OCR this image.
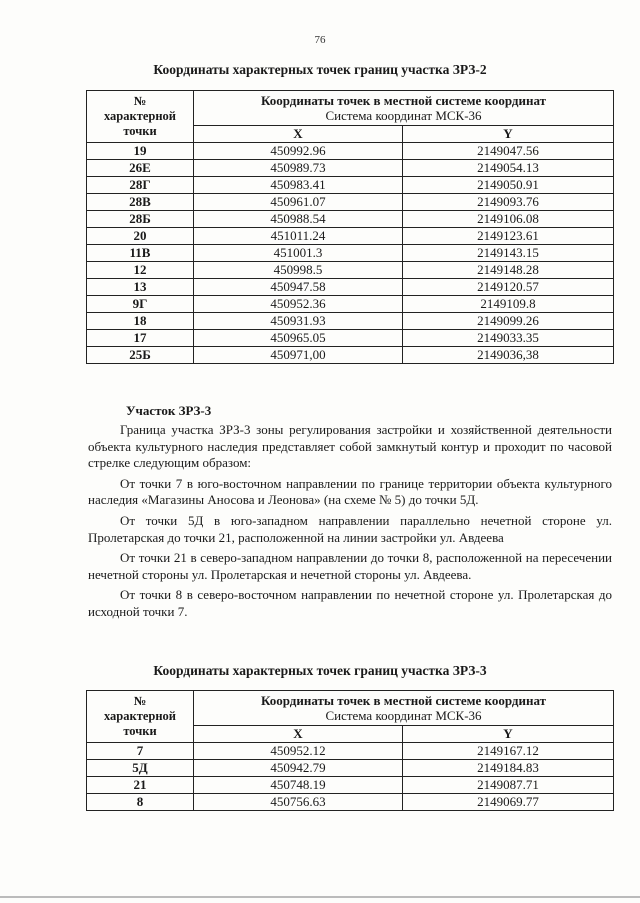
76
Координаты характерных точек границ участка ЗРЗ-2
№
характерной
точки	Координаты точек в местной системе координат
Система координат МСК-36	
	X	Y
19	450992.96	2149047.56
26Е	450989.73	2149054.13
28Г	450983.41	2149050.91
28В	450961.07	2149093.76
28Б	450988.54	2149106.08
20	451011.24	2149123.61
11В	451001.3	2149143.15
12	450998.5	2149148.28
13	450947.58	2149120.57
9Г	450952.36	2149109.8
18	450931.93	2149099.26
17	450965.05	2149033.35
25Б	450971,00	2149036,38
Участок ЗРЗ-3

Граница участка ЗРЗ-3 зоны регулирования застройки и хозяйственной деятельности объекта культурного наследия представляет собой замкнутый контур и проходит по часовой стрелке следующим образом:

От точки 7 в юго-восточном направлении по границе территории объекта культурного наследия «Магазины Аносова и Леонова» (на схеме № 5) до точки 5Д.

От точки 5Д в юго-западном направлении параллельно нечетной стороне ул. Пролетарская до точки 21, расположенной на линии застройки ул. Авдеева

От точки 21 в северо-западном направлении до точки 8, расположенной на пересечении нечетной стороны ул. Пролетарская и нечетной стороны ул. Авдеева.

От точки 8 в северо-восточном направлении по нечетной стороне ул. Пролетарская до исходной точки 7.

Координаты характерных точек границ участка ЗРЗ-3
№
характерной
точки	Координаты точек в местной системе координат
Система координат МСК-36	
	X	Y
7	450952.12	2149167.12
5Д	450942.79	2149184.83
21	450748.19	2149087.71
8	450756.63	2149069.77
